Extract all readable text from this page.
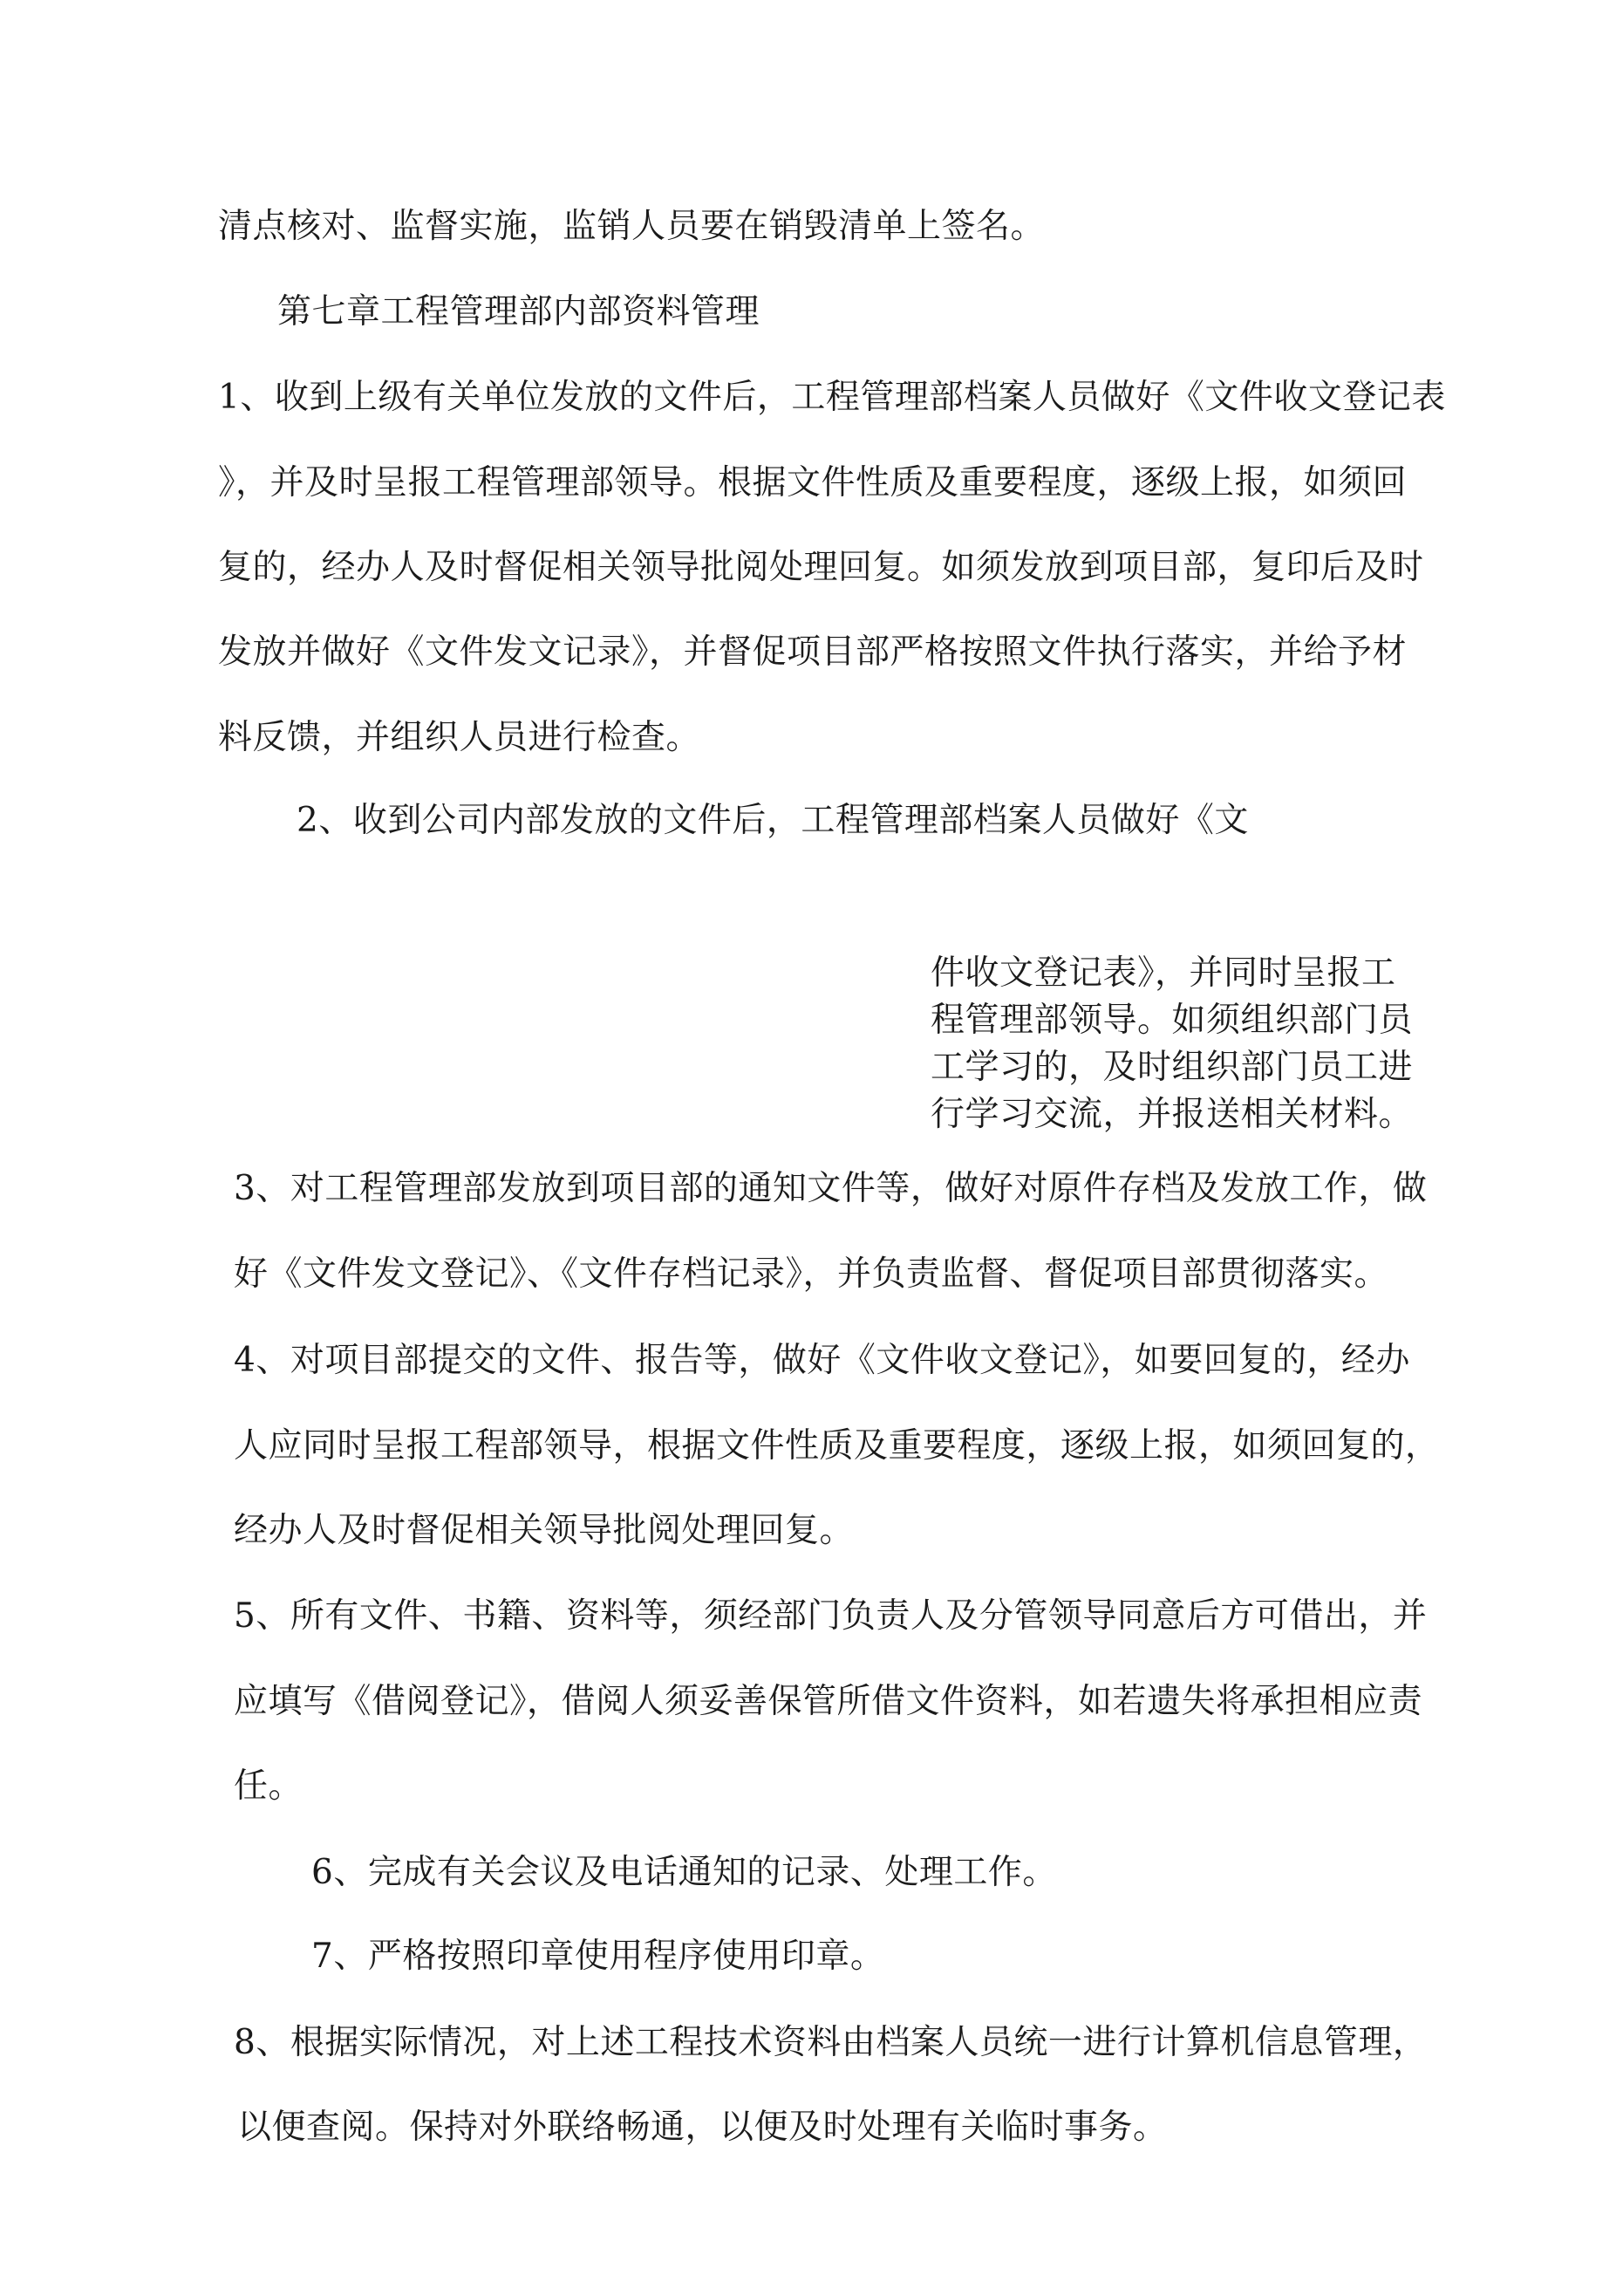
清点核对、监督实施，监销人员要在销毁清单上签名。
第七章工程管理部内部资料管理
1、收到上级有关单位发放的文件后，工程管理部档案人员做好《文件收文登记表
》，并及时呈报工程管理部领导。根据文件性质及重要程度，逐级上报，如须回
复的，经办人及时督促相关领导批阅处理回复。如须发放到项目部，复印后及时
发放并做好《文件发文记录》，并督促项目部严格按照文件执行落实，并给予材
料反馈，并组织人员进行检查。
2、收到公司内部发放的文件后，工程管理部档案人员做好《文
件收文登记表》，并同时呈报工
程管理部领导。如须组织部门员
工学习的，及时组织部门员工进
行学习交流，并报送相关材料。
3、对工程管理部发放到项目部的通知文件等，做好对原件存档及发放工作，做
好《文件发文登记》、《文件存档记录》，并负责监督、督促项目部贯彻落实。
4、对项目部提交的文件、报告等，做好《文件收文登记》，如要回复的，经办
人应同时呈报工程部领导，根据文件性质及重要程度，逐级上报，如须回复的，
经办人及时督促相关领导批阅处理回复。
5、所有文件、书籍、资料等，须经部门负责人及分管领导同意后方可借出，并
应填写《借阅登记》，借阅人须妥善保管所借文件资料，如若遗失将承担相应责
任。
6、完成有关会议及电话通知的记录、处理工作。
7、严格按照印章使用程序使用印章。
8、根据实际情况，对上述工程技术资料由档案人员统一进行计算机信息管理，
以便查阅。保持对外联络畅通，以便及时处理有关临时事务。
